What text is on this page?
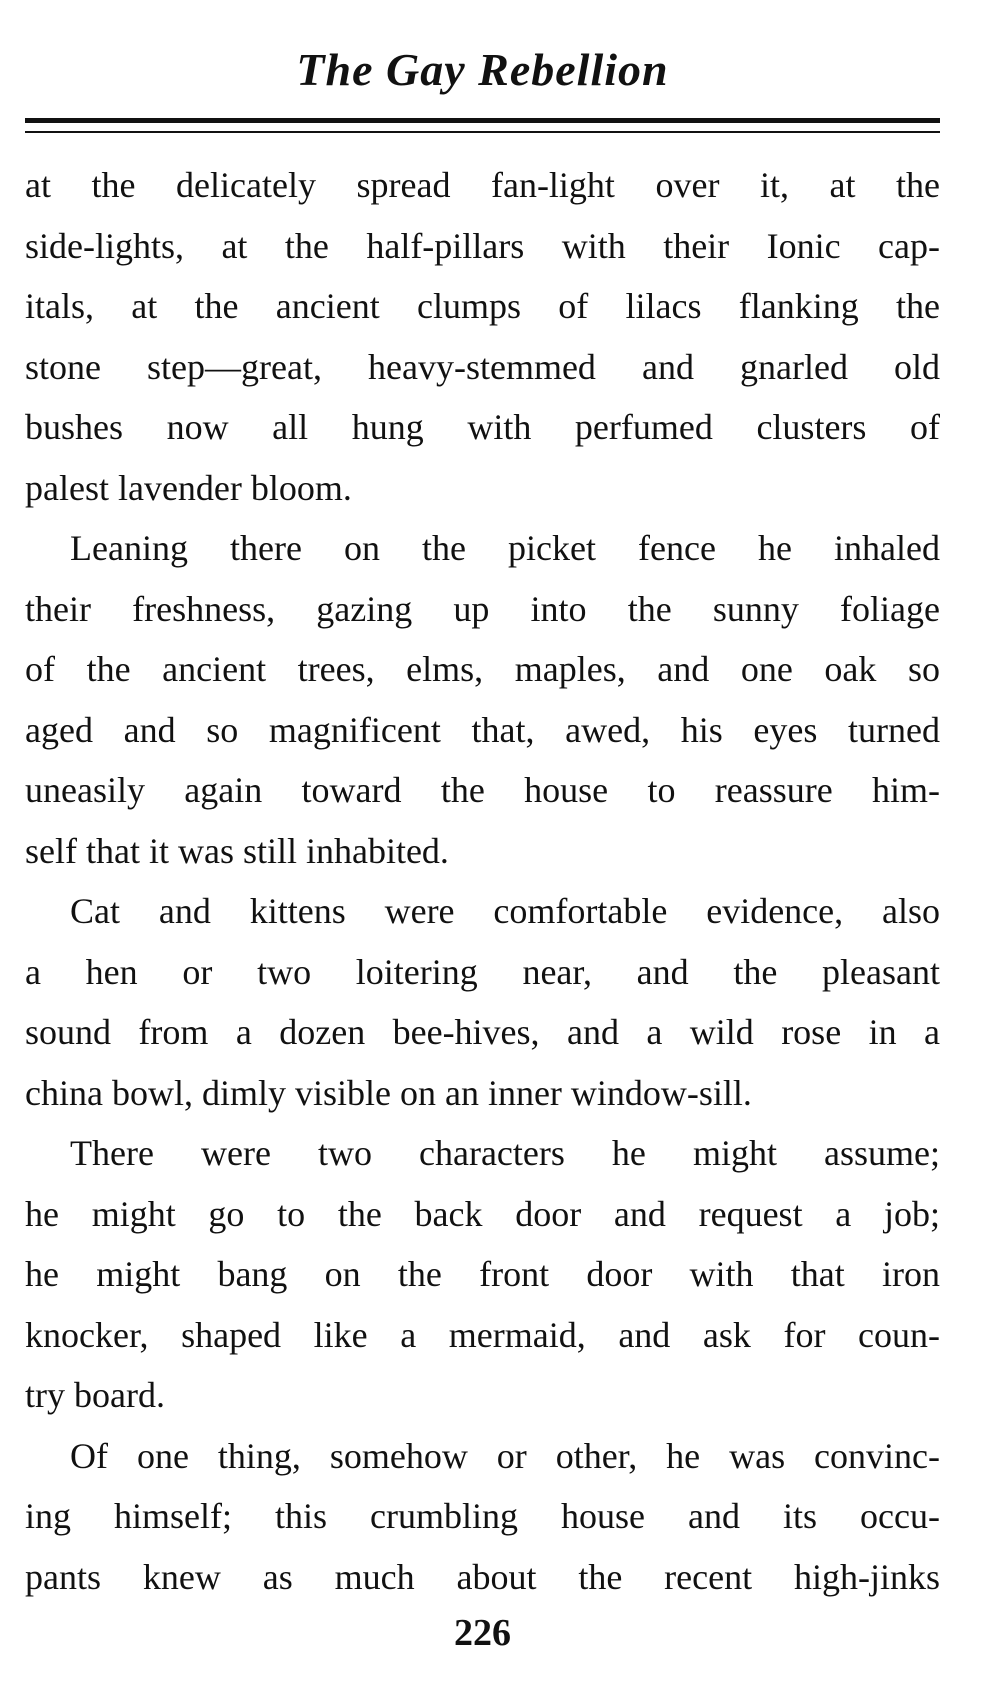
The Gay Rebellion
at the delicately spread fan-light over it, at the
side-lights, at the half-pillars with their Ionic cap-
itals, at the ancient clumps of lilacs flanking the
stone step—great, heavy-stemmed and gnarled old
bushes now all hung with perfumed clusters of
palest lavender bloom.
Leaning there on the picket fence he inhaled
their freshness, gazing up into the sunny foliage
of the ancient trees, elms, maples, and one oak so
aged and so magnificent that, awed, his eyes turned
uneasily again toward the house to reassure him-
self that it was still inhabited.
Cat and kittens were comfortable evidence, also
a hen or two loitering near, and the pleasant
sound from a dozen bee-hives, and a wild rose in a
china bowl, dimly visible on an inner window-sill.
There were two characters he might assume;
he might go to the back door and request a job;
he might bang on the front door with that iron
knocker, shaped like a mermaid, and ask for coun-
try board.
Of one thing, somehow or other, he was convinc-
ing himself; this crumbling house and its occu-
pants knew as much about the recent high-jinks
226
